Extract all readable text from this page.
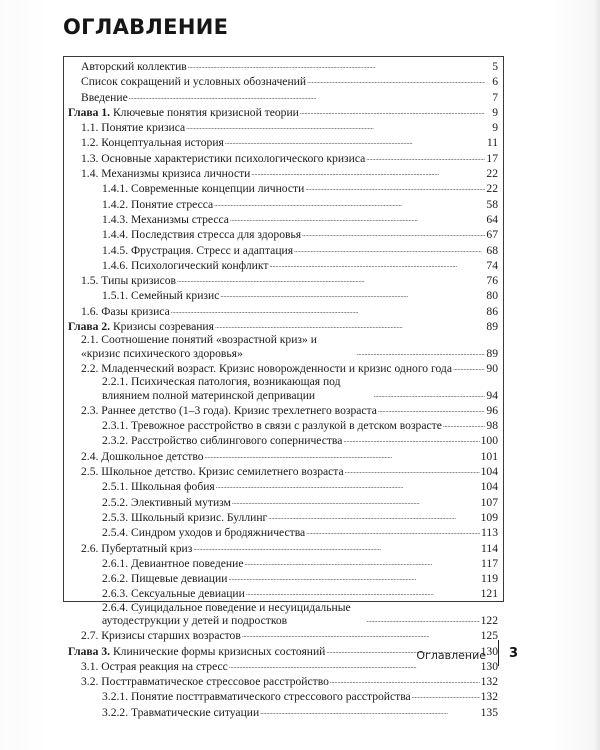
ОГЛАВЛЕНИЕ
Авторский коллектив . . .	5
Список сокращений и условных обозначений . . .	6
Введение . . .	7
Глава 1. Ключевые понятия кризисной теории . . .	9
1.1. Понятие кризиса . . .	9
1.2. Концептуальная история . . .	11
1.3. Основные характеристики психологического кризиса . . .	17
1.4. Механизмы кризиса личности . . .	22
1.4.1. Современные концепции личности . . .	22
1.4.2. Понятие стресса . . .	58
1.4.3. Механизмы стресса . . .	64
1.4.4. Последствия стресса для здоровья . . .	67
1.4.5. Фрустрация. Стресс и адаптация . . .	68
1.4.6. Психологический конфликт . . .	74
1.5. Типы кризисов . . .	76
1.5.1. Семейный кризис . . .	80
1.6. Фазы кризиса . . .	86
Глава 2. Кризисы созревания . . .	89
2.1. Соотношение понятий «возрастной криз» и «кризис психического здоровья» . . .	89
2.2. Младенческий возраст. Кризис новорожденности и кризис одного года . . .	90
2.2.1. Психическая патология, возникающая под влиянием полной материнской депривации . . .	94
2.3. Раннее детство (1–3 года). Кризис трехлетнего возраста . . .	96
2.3.1. Тревожное расстройство в связи с разлукой в детском возрасте . . .	98
2.3.2. Расстройство сиблингового соперничества . . .	100
2.4. Дошкольное детство . . .	101
2.5. Школьное детство. Кризис семилетнего возраста . . .	104
2.5.1. Школьная фобия . . .	104
2.5.2. Элективный мутизм . . .	107
2.5.3. Школьный кризис. Буллинг . . .	109
2.5.4. Синдром уходов и бродяжничества . . .	113
2.6. Пубертатный криз . . .	114
2.6.1. Девиантное поведение . . .	117
2.6.2. Пищевые девиации . . .	119
2.6.3. Сексуальные девиации . . .	121
2.6.4. Суицидальное поведение и несуицидальные аутодеструкции у детей и подростков . . .	122
2.7. Кризисы старших возрастов . . .	125
Глава 3. Клинические формы кризисных состояний . . .	130
3.1. Острая реакция на стресс . . .	130
3.2. Посттравматическое стрессовое расстройство . . .	132
3.2.1. Понятие посттравматического стрессового расстройства . . .	132
3.2.2. Травматические ситуации . . .	135
Оглавление 3
